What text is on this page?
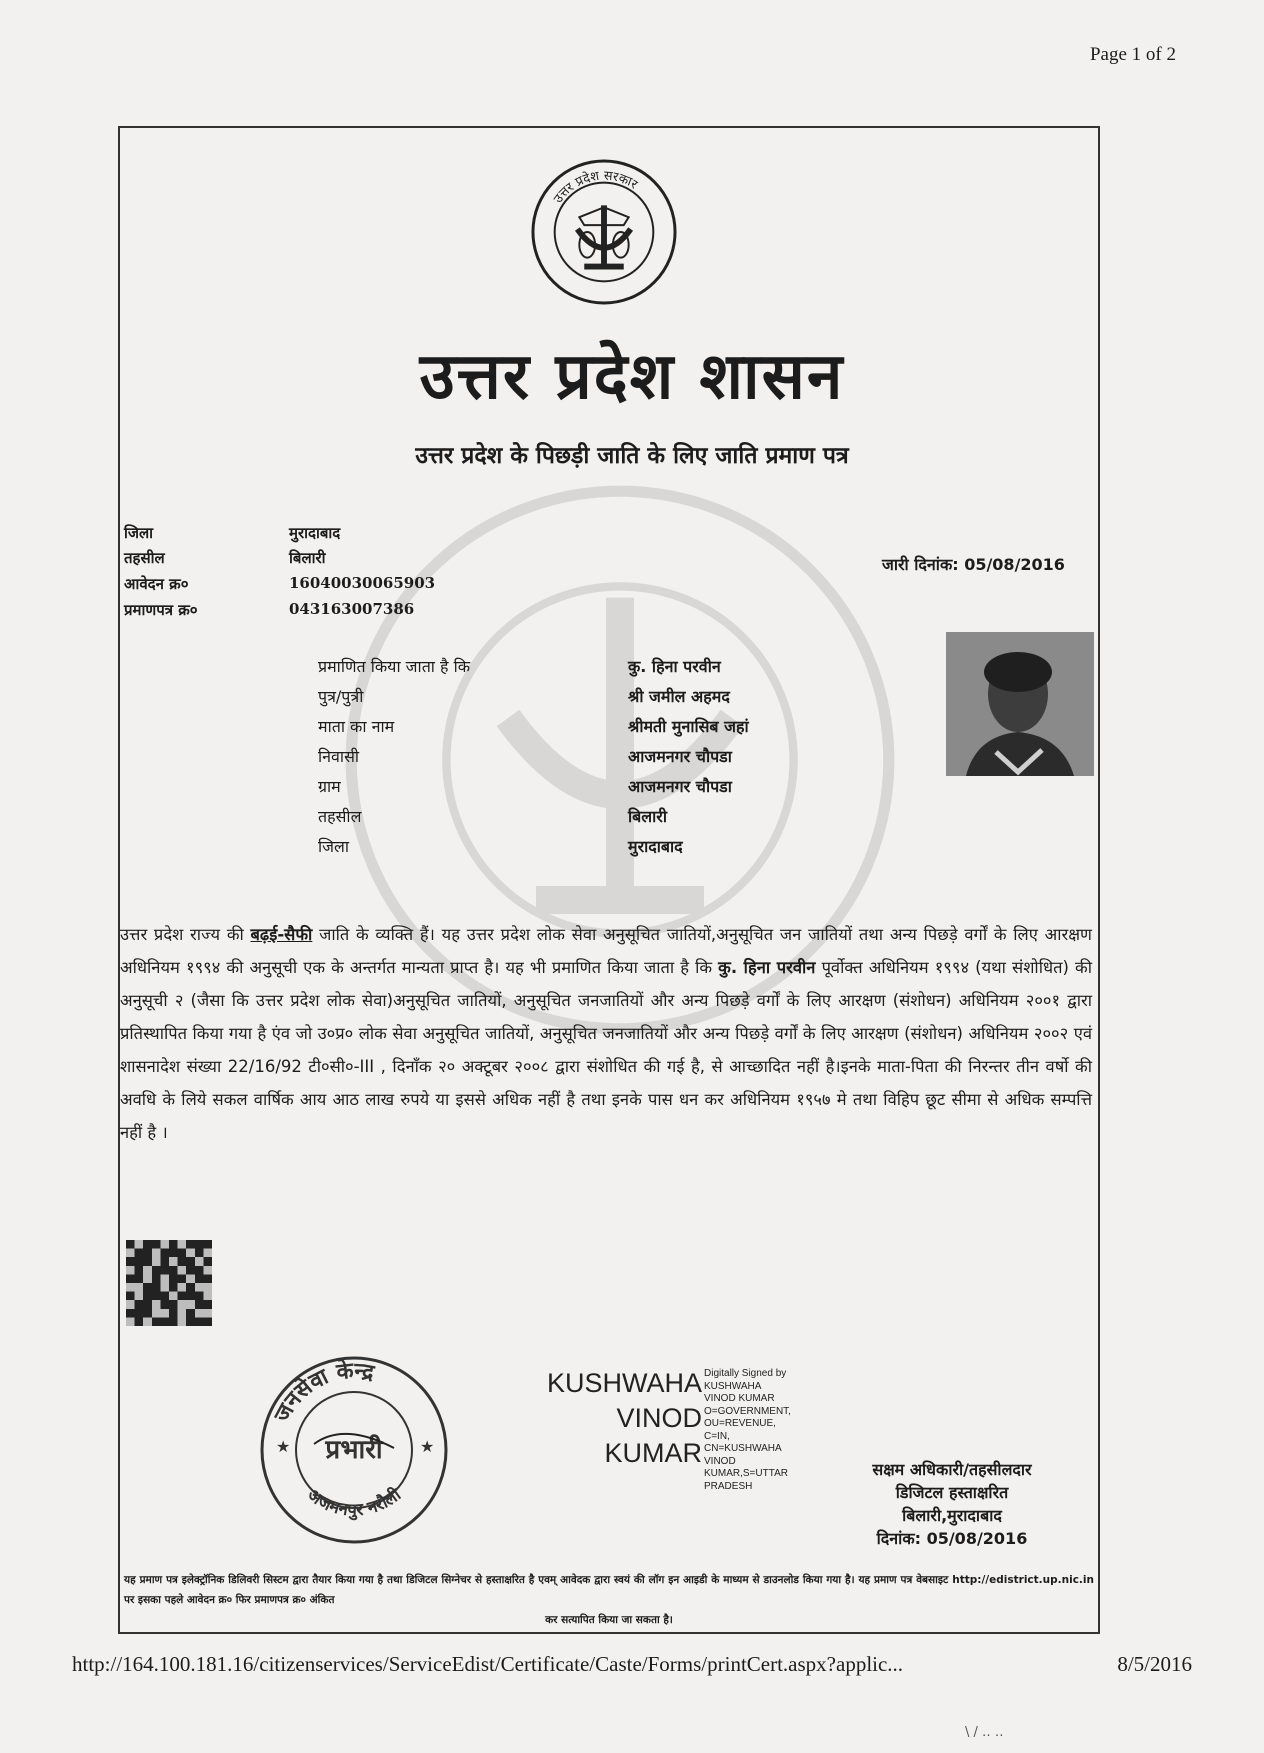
Page 1 of 2
उत्तर प्रदेश सरकार
उत्तर प्रदेश शासन
उत्तर प्रदेश के पिछड़ी जाति के लिए जाति प्रमाण पत्र
जिला	मुरादाबाद
तहसील	बिलारी
आवेदन क्र०	16040030065903
प्रमाणपत्र क्र०	043163007386
जारी दिनांक: 05/08/2016
प्रमाणित किया जाता है कि	कु. हिना परवीन
पुत्र/पुत्री	श्री जमील अहमद
माता का नाम	श्रीमती मुनासिब जहां
निवासी	आजमनगर चौपडा
ग्राम	आजमनगर चौपडा
तहसील	बिलारी
जिला	मुरादाबाद
उत्तर प्रदेश राज्य की बढ़ई-सैफी जाति के व्यक्ति हैं। यह उत्तर प्रदेश लोक सेवा अनुसूचित जातियों,अनुसूचित जन जातियों तथा अन्य पिछड़े वर्गों के लिए आरक्षण अधिनियम १९९४ की अनुसूची एक के अन्तर्गत मान्यता प्राप्त है। यह भी प्रमाणित किया जाता है कि कु. हिना परवीन पूर्वोक्त अधिनियम १९९४ (यथा संशोधित) की अनुसूची २ (जैसा कि उत्तर प्रदेश लोक सेवा)अनुसूचित जातियों, अनुसूचित जनजातियों और अन्य पिछड़े वर्गों के लिए आरक्षण (संशोधन) अधिनियम २००१ द्वारा प्रतिस्थापित किया गया है एंव जो उ०प्र० लोक सेवा अनुसूचित जातियों, अनुसूचित जनजातियों और अन्य पिछड़े वर्गों के लिए आरक्षण (संशोधन) अधिनियम २००२ एवं शासनादेश संख्या 22/16/92 टी०सी०-III , दिनाँक २० अक्टूबर २००८ द्वारा संशोधित की गई है, से आच्छादित नहीं है।इनके माता-पिता की निरन्तर तीन वर्षो की अवधि के लिये सकल वार्षिक आय आठ लाख रुपये या इससे अधिक नहीं है तथा इनके पास धन कर अधिनियम १९५७ मे तथा विहिप छूट सीमा से अधिक सम्पत्ति नहीं है ।
जनसेवा केन्द्र
प्रभारी
अजमनपुर नरौली
★	★
KUSHWAHA
VINOD
KUMAR
Digitally Signed by
KUSHWAHA
VINOD KUMAR
O=GOVERNMENT,
OU=REVENUE,
C=IN,
CN=KUSHWAHA
VINOD
KUMAR,S=UTTAR
PRADESH
सक्षम अधिकारी/तहसीलदार
डिजिटल हस्ताक्षरित
बिलारी,मुरादाबाद
दिनांक: 05/08/2016
यह प्रमाण पत्र इलेक्ट्रॉनिक डिलिवरी सिस्टम द्वारा तैयार किया गया है तथा डिजिटल सिग्नेचर से हस्ताक्षरित है एवम् आवेदक द्वारा स्वयं की लॉग इन आइडी के माध्यम से डाउनलोड किया गया है। यह प्रमाण पत्र वेबसाइट http://edistrict.up.nic.in पर इसका पहले आवेदन क्र० फिर प्रमाणपत्र क्र० अंकित
कर सत्यापित किया जा सकता है।
http://164.100.181.16/citizenservices/ServiceEdist/Certificate/Caste/Forms/printCert.aspx?applic...	8/5/2016
\ / ‥ ‥
